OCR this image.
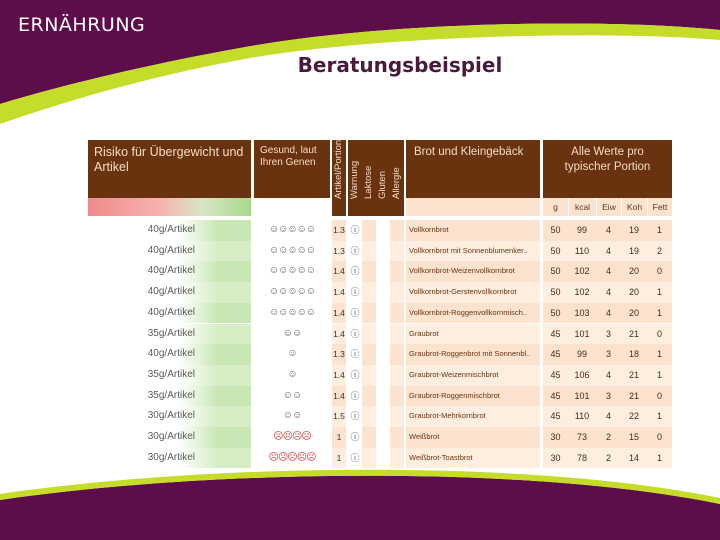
ERNÄHRUNG
Beratungsbeispiel
Risiko für Übergewicht und Artikel
Gesund, laut Ihren Genen	Artikel/Portion Warnung Laktose Gluten Allergie
Brot und Kleingebäck	Alle Werte pro typischer Portion
g	kcal	Eiw	Koh	Fett
40g/Artikel	☺☺☺☺☺	1.3 ⓘ	Vollkornbrot	50	99	4	19	1
40g/Artikel	☺☺☺☺☺	1.3 ⓘ	Vollkornbrot mit Sonnenblumenker..	50	110	4	19	2
40g/Artikel	☺☺☺☺☺	1.4 ⓘ	Vollkornbrot-Weizenvollkornbrot	50	102	4	20	0
40g/Artikel	☺☺☺☺☺	1.4 ⓘ	Vollkornbrot-Gerstenvollkornbrot	50	102	4	20	1
40g/Artikel	☺☺☺☺☺	1.4 ⓘ	Vollkornbrot-Roggenvollkornmisch..	50	103	4	20	1
35g/Artikel	☺☺	1.4 ⓘ	Graubrot	45	101	3	21	0
40g/Artikel	☺	1.3 ⓘ	Graubrot-Roggenbrot mit Sonnenbl..	45	99	3	18	1
35g/Artikel	☺	1.4 ⓘ	Graubrot-Weizenmischbrot	45	106	4	21	1
35g/Artikel	☺☺	1.4 ⓘ	Graubrot-Roggenmischbrot	45	101	3	21	0
30g/Artikel	☺☺	1.5 ⓘ	Graubrot-Mehrkornbrot	45	110	4	22	1
30g/Artikel	☹☹☹☹	1	ⓘ	Weißbrot	30	73	2	15	0
30g/Artikel	☹☹☹☹☹	1	ⓘ	Weißbrot-Toastbrot	30	78	2	14	1
